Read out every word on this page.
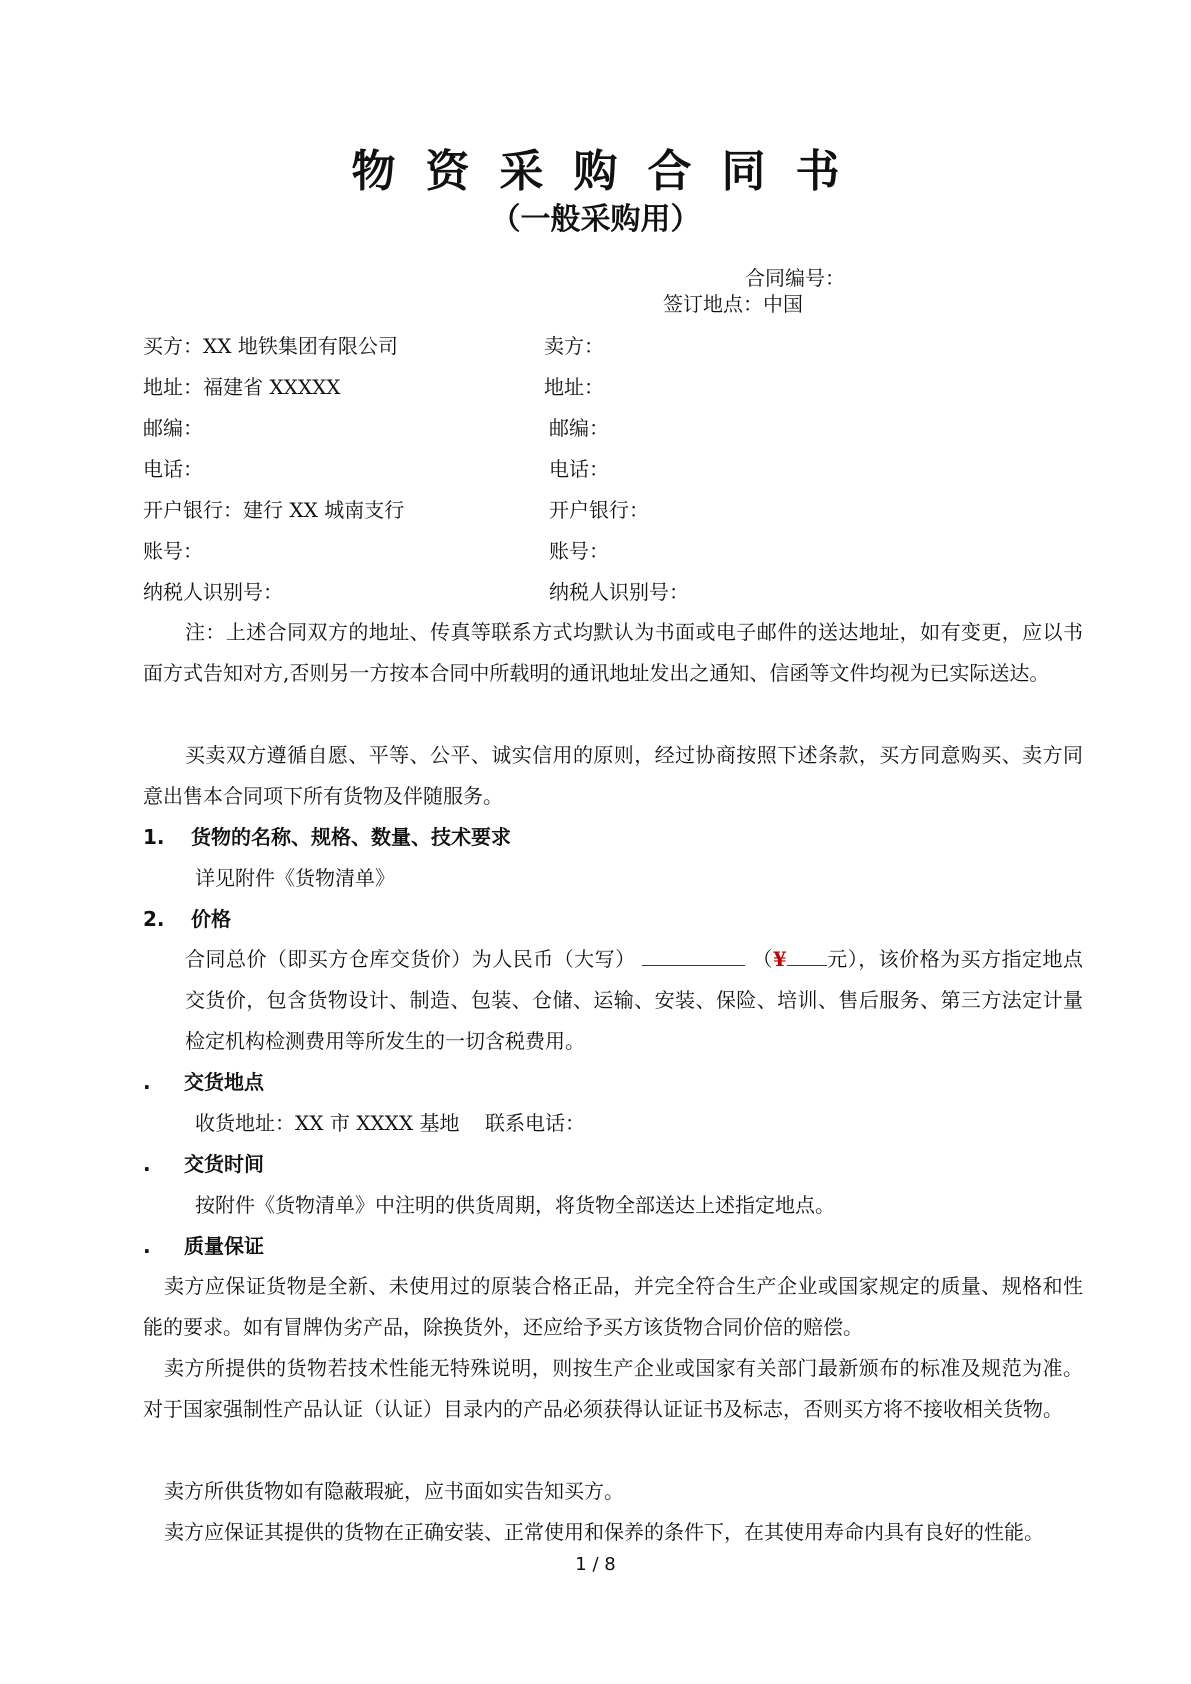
物资采购合同书
（一般采购用）
合同编号：
签订地点：中国
买方：XX 地铁集团有限公司	卖方：
地址：福建省 XXXXX	地址：
邮编：	邮编：
电话：	电话：
开户银行：建行 XX 城南支行	开户银行：
账号：	账号：
纳税人识别号：	纳税人识别号：
注：上述合同双方的地址、传真等联系方式均默认为书面或电子邮件的送达地址，如有变更，应以书面方式告知对方,否则另一方按本合同中所载明的通讯地址发出之通知、信函等文件均视为已实际送达。
买卖双方遵循自愿、平等、公平、诚实信用的原则，经过协商按照下述条款，买方同意购买、卖方同意出售本合同项下所有货物及伴随服务。
1. 货物的名称、规格、数量、技术要求
详见附件《货物清单》
2. 价格
合同总价（即买方仓库交货价）为人民币（大写）	（¥ 元），该价格为买方指定地点交货价，包含货物设计、制造、包装、仓储、运输、安装、保险、培训、售后服务、第三方法定计量检定机构检测费用等所发生的一切含税费用。
. 交货地点
收货地址：XX 市 XXXX 基地 联系电话：
. 交货时间
按附件《货物清单》中注明的供货周期，将货物全部送达上述指定地点。
. 质量保证
卖方应保证货物是全新、未使用过的原装合格正品，并完全符合生产企业或国家规定的质量、规格和性能的要求。如有冒牌伪劣产品，除换货外，还应给予买方该货物合同价倍的赔偿。
卖方所提供的货物若技术性能无特殊说明，则按生产企业或国家有关部门最新颁布的标准及规范为准。对于国家强制性产品认证（认证）目录内的产品必须获得认证证书及标志，否则买方将不接收相关货物。
卖方所供货物如有隐蔽瑕疵，应书面如实告知买方。
卖方应保证其提供的货物在正确安装、正常使用和保养的条件下，在其使用寿命内具有良好的性能。
1 / 8
